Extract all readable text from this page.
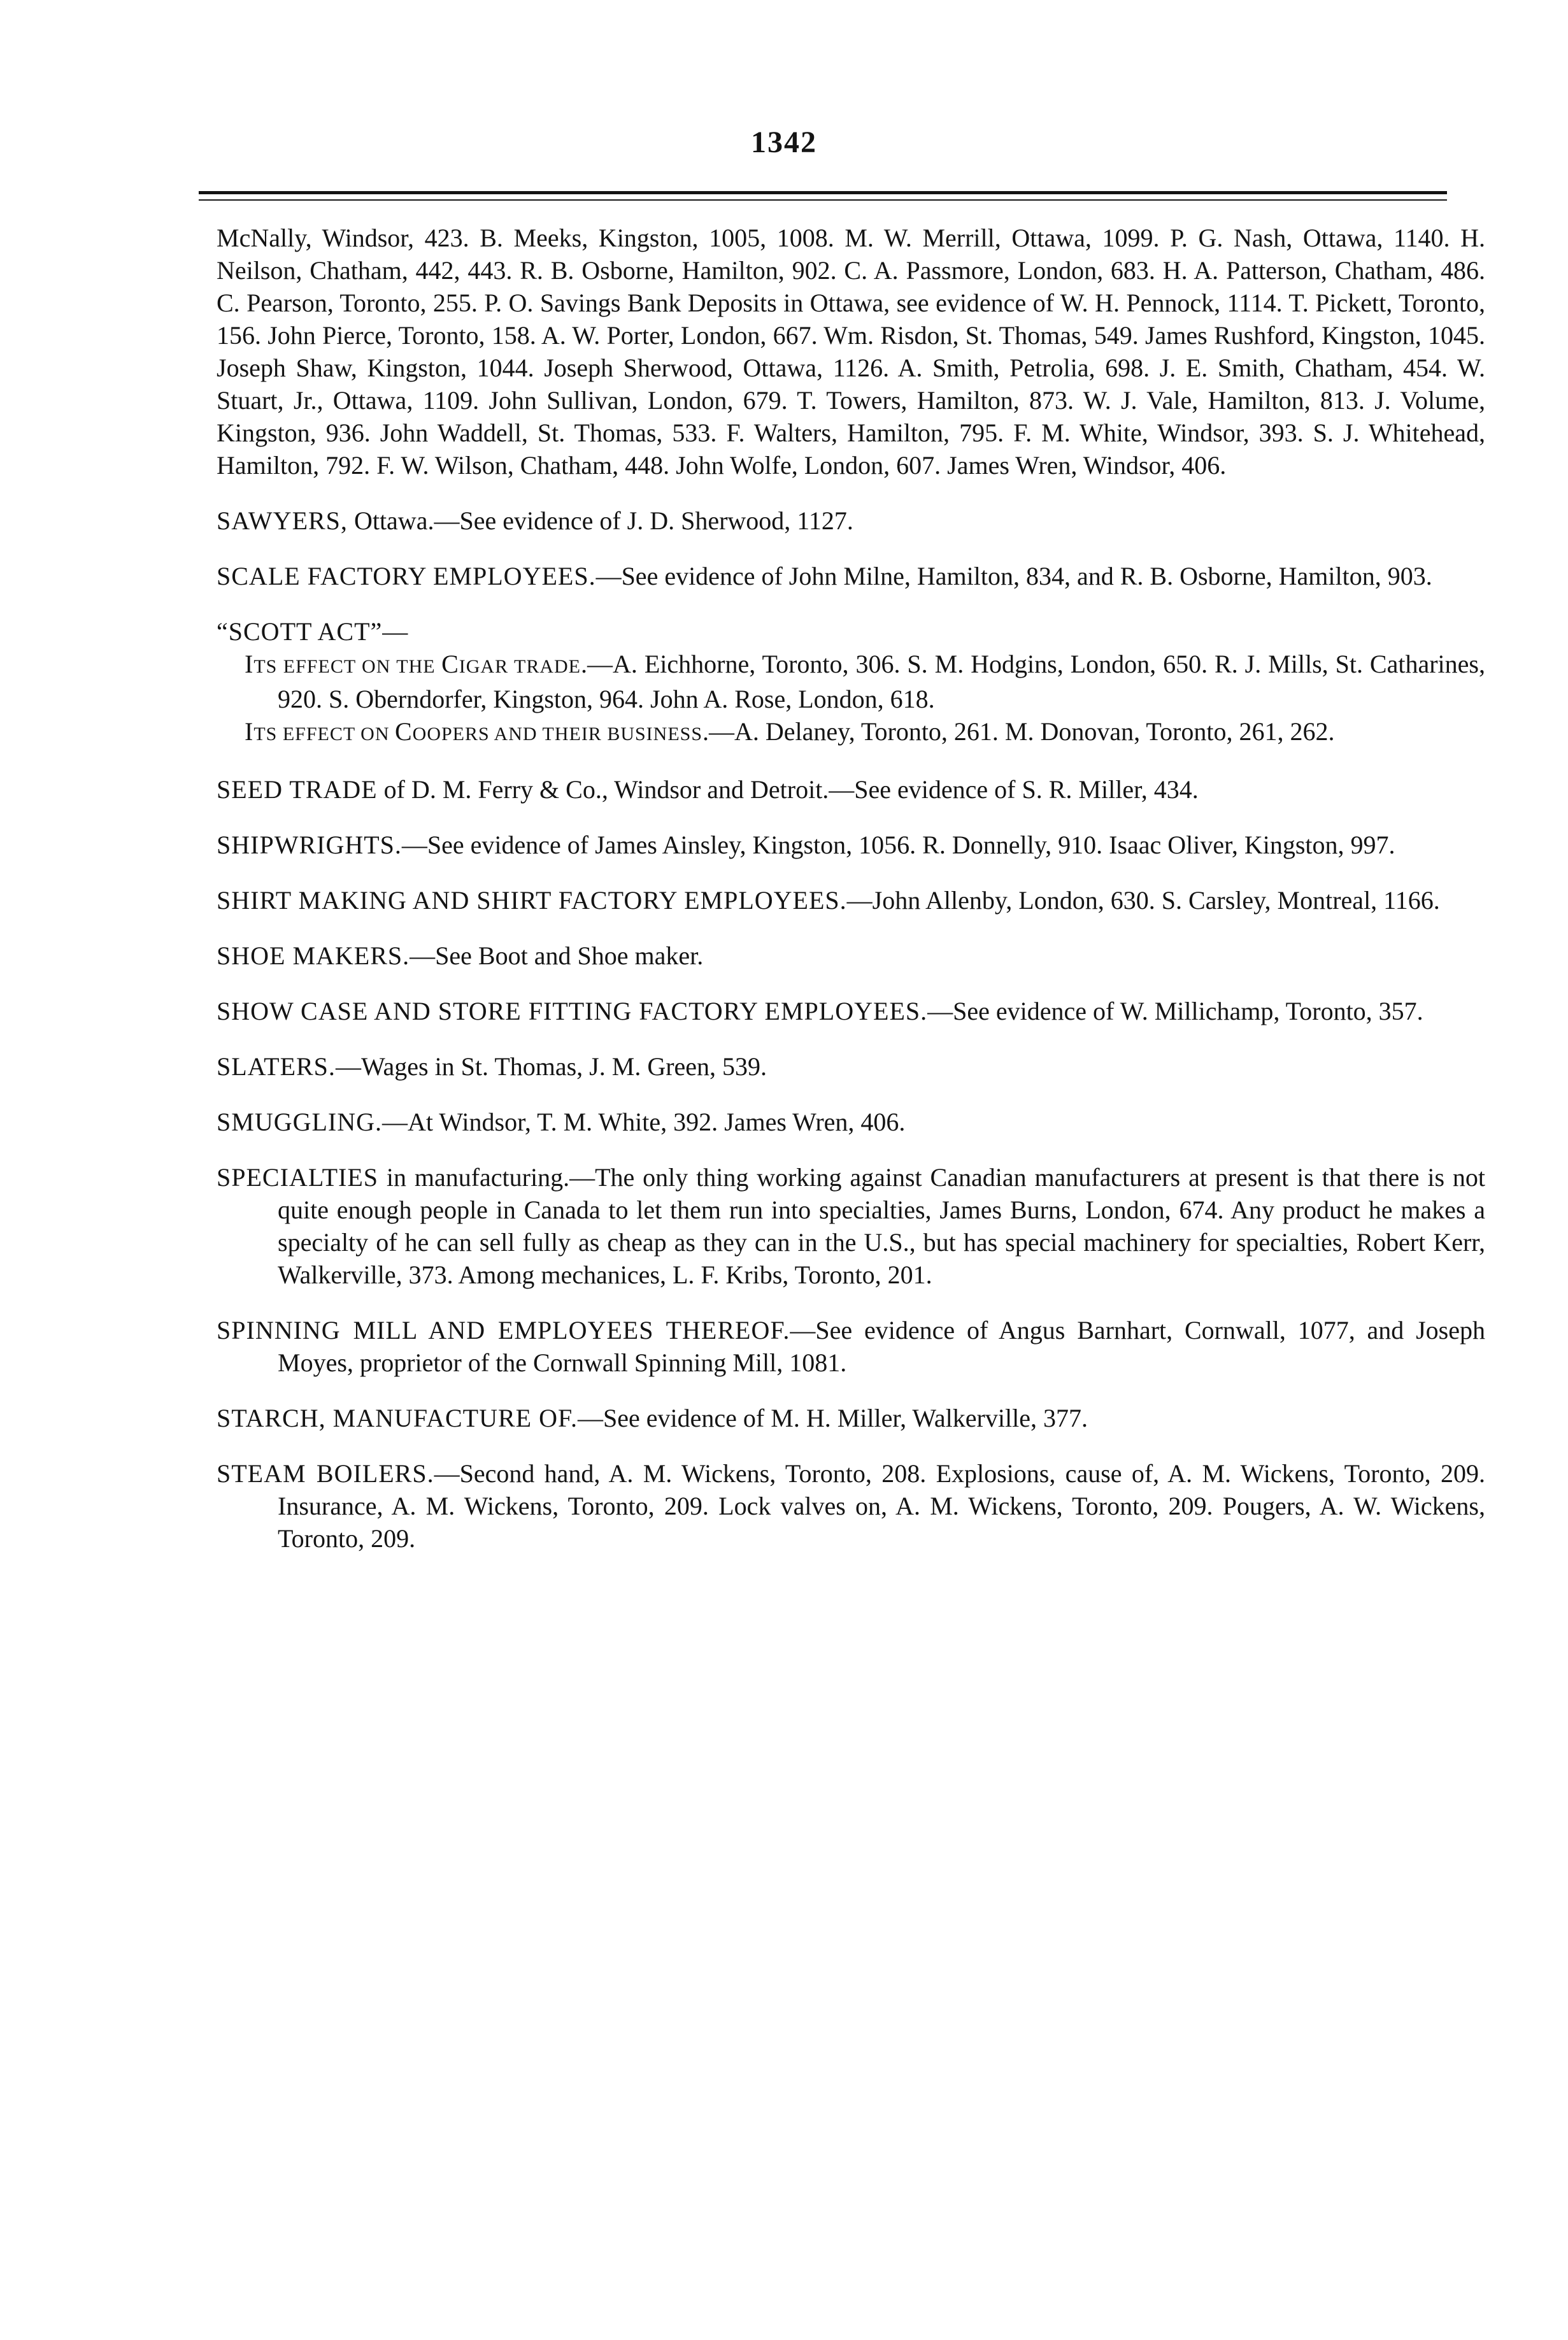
1342

McNally, Windsor, 423. B. Meeks, Kingston, 1005, 1008. M. W. Merrill, Ottawa, 1099. P. G. Nash, Ottawa, 1140. H. Neilson, Chatham, 442, 443. R. B. Osborne, Hamilton, 902. C. A. Passmore, London, 683. H. A. Patterson, Chatham, 486. C. Pearson, Toronto, 255. P. O. Savings Bank Deposits in Ottawa, see evidence of W. H. Pennock, 1114. T. Pickett, Toronto, 156. John Pierce, Toronto, 158. A. W. Porter, London, 667. Wm. Risdon, St. Thomas, 549. James Rushford, Kingston, 1045. Joseph Shaw, Kingston, 1044. Joseph Sherwood, Ottawa, 1126. A. Smith, Petrolia, 698. J. E. Smith, Chatham, 454. W. Stuart, Jr., Ottawa, 1109. John Sullivan, London, 679. T. Towers, Hamilton, 873. W. J. Vale, Hamilton, 813. J. Volume, Kingston, 936. John Waddell, St. Thomas, 533. F. Walters, Hamilton, 795. F. M. White, Windsor, 393. S. J. Whitehead, Hamilton, 792. F. W. Wilson, Chatham, 448. John Wolfe, London, 607. James Wren, Windsor, 406.

SAWYERS, Ottawa.—See evidence of J. D. Sherwood, 1127.

SCALE FACTORY EMPLOYEES.—See evidence of John Milne, Hamilton, 834, and R. B. Osborne, Hamilton, 903.

“SCOTT ACT”—

ITS EFFECT ON THE CIGAR TRADE.—A. Eichhorne, Toronto, 306. S. M. Hodgins, London, 650. R. J. Mills, St. Catharines, 920. S. Oberndorfer, Kingston, 964. John A. Rose, London, 618.

ITS EFFECT ON COOPERS AND THEIR BUSINESS.—A. Delaney, Toronto, 261. M. Donovan, Toronto, 261, 262.

SEED TRADE of D. M. Ferry & Co., Windsor and Detroit.—See evidence of S. R. Miller, 434.

SHIPWRIGHTS.—See evidence of James Ainsley, Kingston, 1056. R. Donnelly, 910. Isaac Oliver, Kingston, 997.

SHIRT MAKING AND SHIRT FACTORY EMPLOYEES.—John Allenby, London, 630. S. Carsley, Montreal, 1166.

SHOE MAKERS.—See Boot and Shoe maker.

SHOW CASE AND STORE FITTING FACTORY EMPLOYEES.—See evidence of W. Millichamp, Toronto, 357.

SLATERS.—Wages in St. Thomas, J. M. Green, 539.

SMUGGLING.—At Windsor, T. M. White, 392. James Wren, 406.

SPECIALTIES in manufacturing.—The only thing working against Canadian manufacturers at present is that there is not quite enough people in Canada to let them run into specialties, James Burns, London, 674. Any product he makes a specialty of he can sell fully as cheap as they can in the U.S., but has special machinery for specialties, Robert Kerr, Walkerville, 373. Among mechanices, L. F. Kribs, Toronto, 201.

SPINNING MILL AND EMPLOYEES THEREOF.—See evidence of Angus Barnhart, Cornwall, 1077, and Joseph Moyes, proprietor of the Cornwall Spinning Mill, 1081.

STARCH, MANUFACTURE OF.—See evidence of M. H. Miller, Walkerville, 377.

STEAM BOILERS.—Second hand, A. M. Wickens, Toronto, 208. Explosions, cause of, A. M. Wickens, Toronto, 209. Insurance, A. M. Wickens, Toronto, 209. Lock valves on, A. M. Wickens, Toronto, 209. Pougers, A. W. Wickens, Toronto, 209.
